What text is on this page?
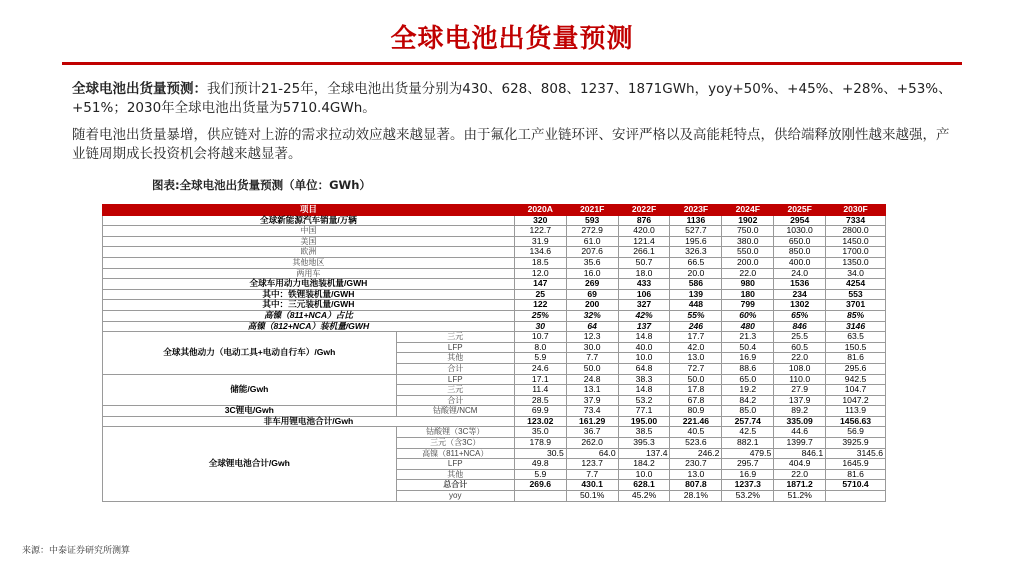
全球电池出货量预测
全球电池出货量预测：我们预计21-25年，全球电池出货量分别为430、628、808、1237、1871GWh，yoy+50%、+45%、+28%、+53%、+51%；2030年全球电池出货量为5710.4GWh。
随着电池出货量暴增，供应链对上游的需求拉动效应越来越显著。由于氟化工产业链环评、安评严格以及高能耗特点，供给端释放刚性越来越强，产业链周期成长投资机会将越来越显著。
图表:全球电池出货量预测（单位：GWh）
项目		2020A	2021F	2022F	2023F	2024F	2025F	2030F
全球新能源汽车销量/万辆		320	593	876	1136	1902	2954	7334
中国		122.7	272.9	420.0	527.7	750.0	1030.0	2800.0
美国		31.9	61.0	121.4	195.6	380.0	650.0	1450.0
欧洲		134.6	207.6	266.1	326.3	550.0	850.0	1700.0
其他地区		18.5	35.6	50.7	66.5	200.0	400.0	1350.0
两用车		12.0	16.0	18.0	20.0	22.0	24.0	34.0
全球车用动力电池装机量/GWH		147	269	433	586	980	1536	4254
其中：铁锂装机量/GWH		25	69	106	139	180	234	553
其中：三元装机量/GWH		122	200	327	448	799	1302	3701
高镍（811+NCA）占比		25%	32%	42%	55%	60%	65%	85%
高镍（812+NCA）装机量/GWH		30	64	137	246	480	846	3146
全球其他动力（电动工具+电动自行车）/Gwh	三元	10.7	12.3	14.8	17.7	21.3	25.5	63.5
	LFP	8.0	30.0	40.0	42.0	50.4	60.5	150.5
	其他	5.9	7.7	10.0	13.0	16.9	22.0	81.6
	合计	24.6	50.0	64.8	72.7	88.6	108.0	295.6
储能/Gwh	LFP	17.1	24.8	38.3	50.0	65.0	110.0	942.5
	三元	11.4	13.1	14.8	17.8	19.2	27.9	104.7
	合计	28.5	37.9	53.2	67.8	84.2	137.9	1047.2
3C锂电/Gwh	钴酸锂/NCM	69.9	73.4	77.1	80.9	85.0	89.2	113.9
非车用锂电池合计/Gwh		123.02	161.29	195.00	221.46	257.74	335.09	1456.63
全球锂电池合计/Gwh	钴酸锂（3C等）	35.0	36.7	38.5	40.5	42.5	44.6	56.9
	三元（含3C）	178.9	262.0	395.3	523.6	882.1	1399.7	3925.9
	高镍（811+NCA）	30.5	64.0	137.4	246.2	479.5	846.1	3145.6
	LFP	49.8	123.7	184.2	230.7	295.7	404.9	1645.9
	其他	5.9	7.7	10.0	13.0	16.9	22.0	81.6
	总合计	269.6	430.1	628.1	807.8	1237.3	1871.2	5710.4
	yoy		50.1%	45.2%	28.1%	53.2%	51.2%	
来源：中泰证券研究所测算
